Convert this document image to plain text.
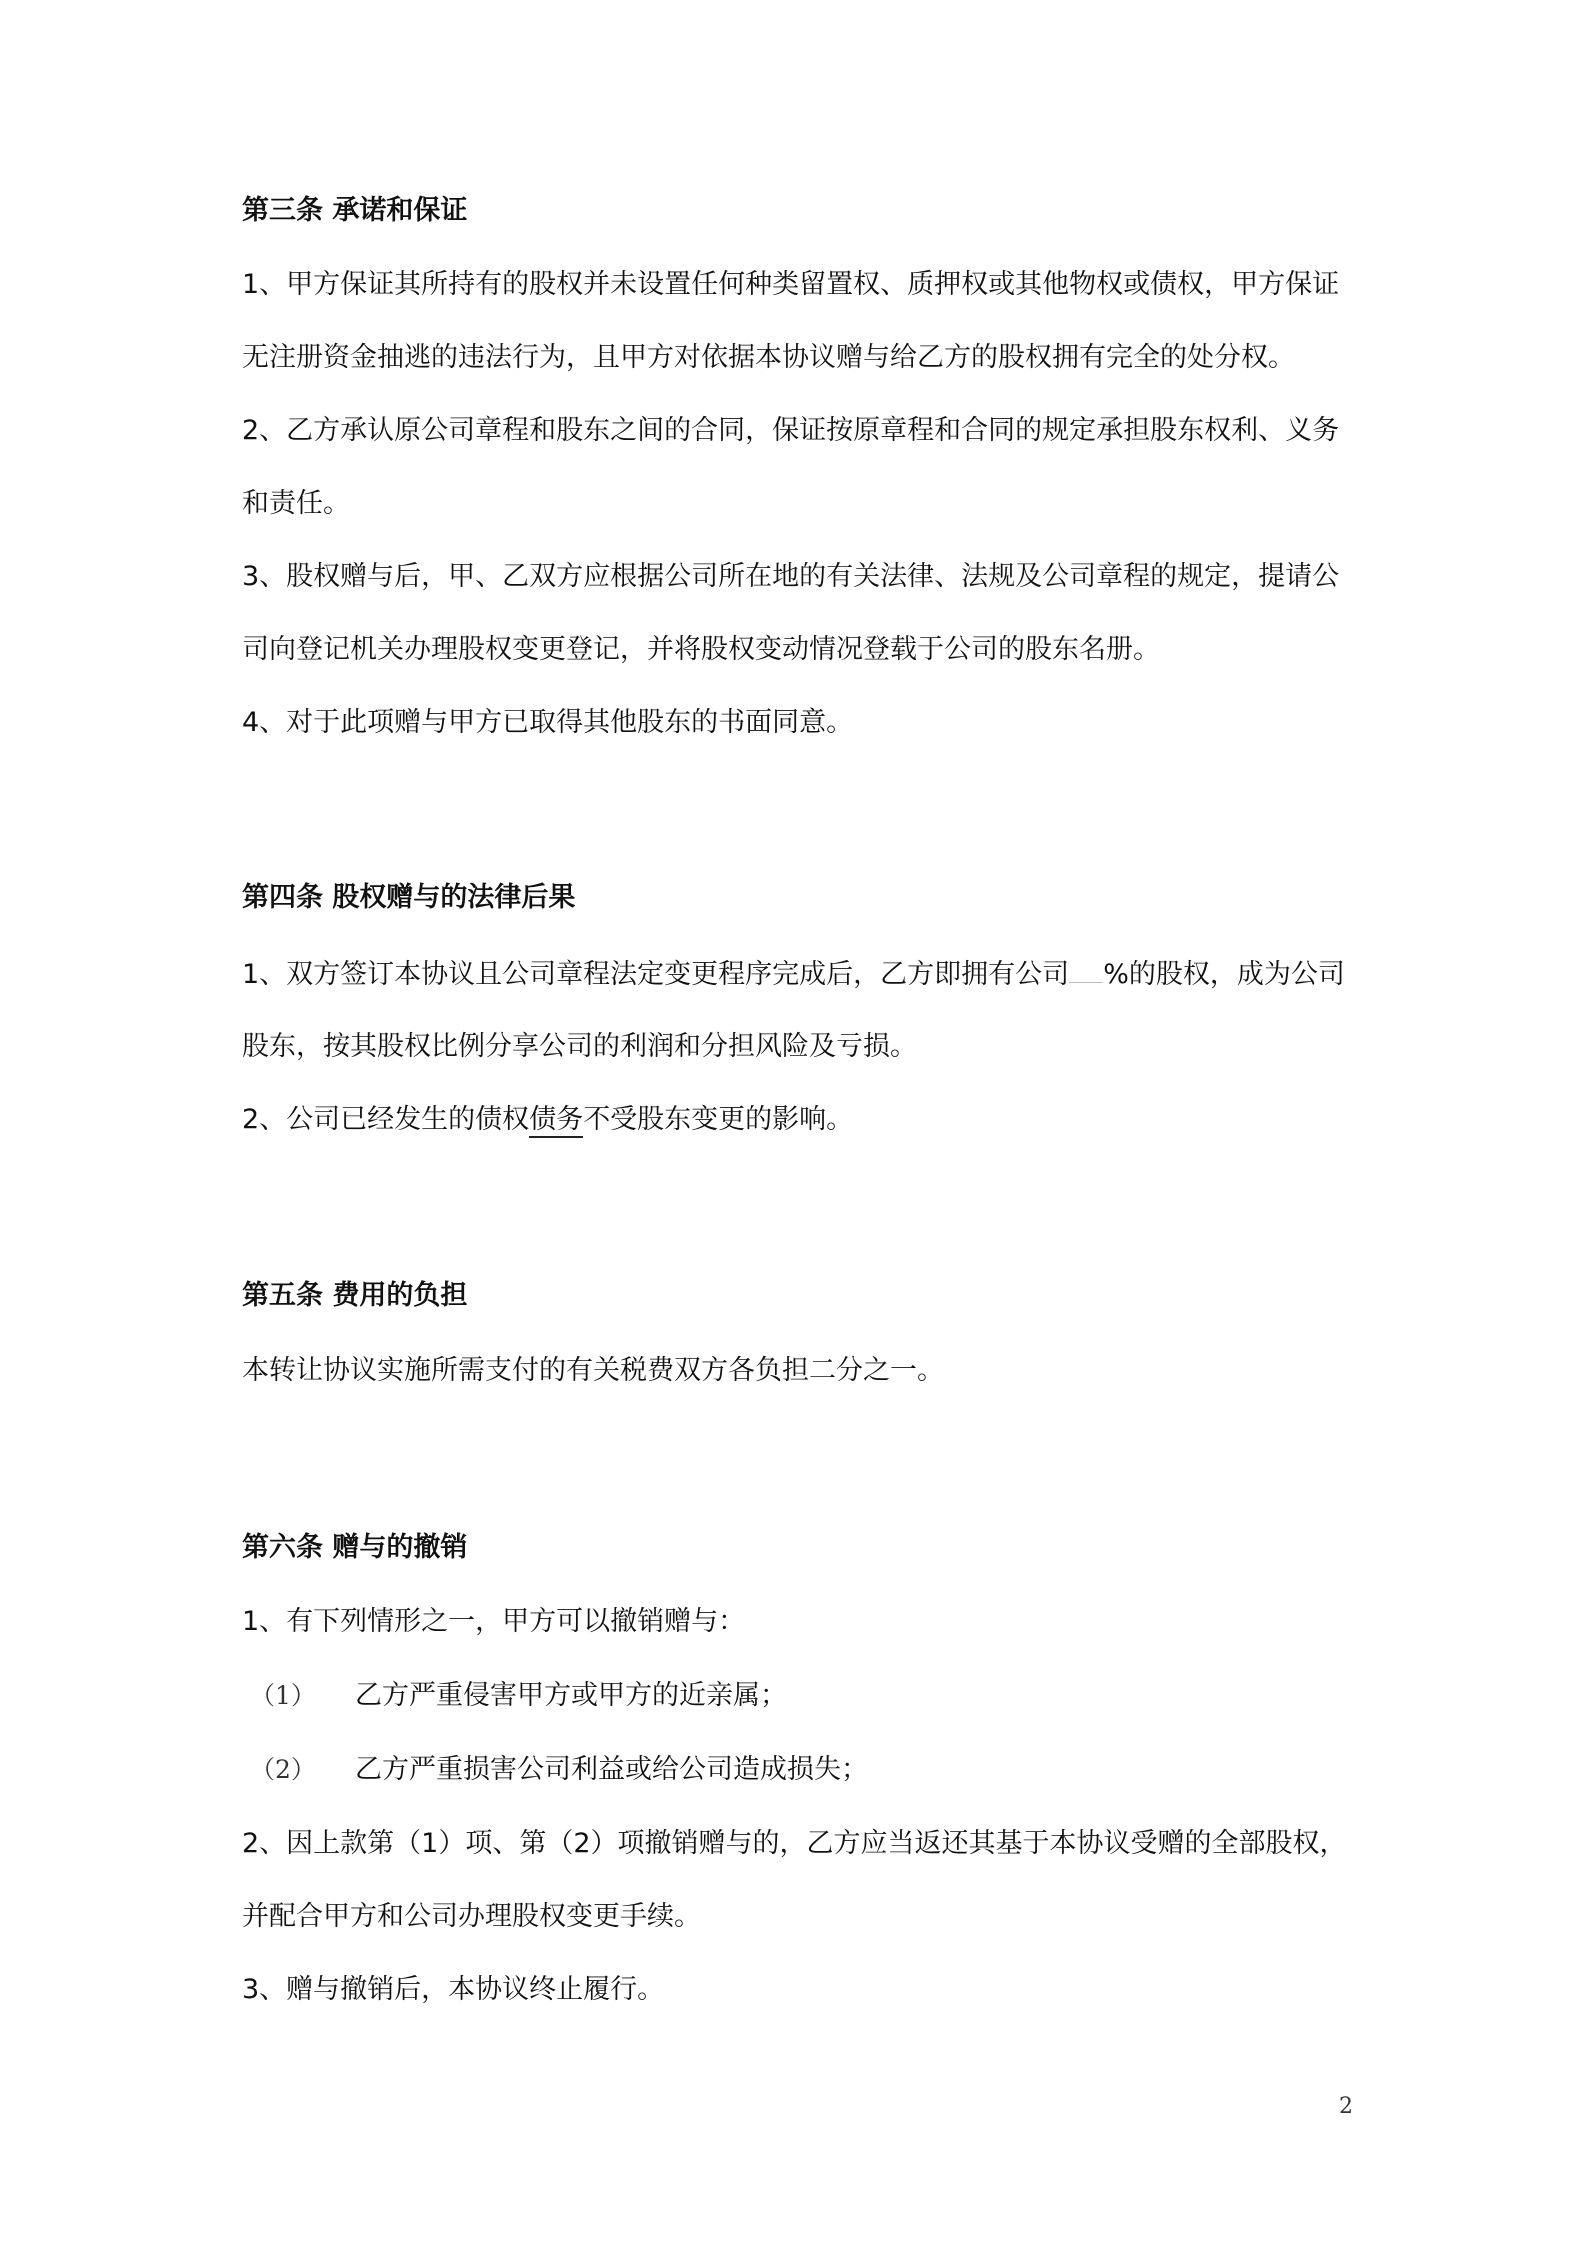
第三条 承诺和保证
1、甲方保证其所持有的股权并未设置任何种类留置权、质押权或其他物权或债权，甲方保证
无注册资金抽逃的违法行为，且甲方对依据本协议赠与给乙方的股权拥有完全的处分权。
2、乙方承认原公司章程和股东之间的合同，保证按原章程和合同的规定承担股东权利、义务
和责任。
3、股权赠与后，甲、乙双方应根据公司所在地的有关法律、法规及公司章程的规定，提请公
司向登记机关办理股权变更登记，并将股权变动情况登载于公司的股东名册。
4、对于此项赠与甲方已取得其他股东的书面同意。
第四条 股权赠与的法律后果
1、双方签订本协议且公司章程法定变更程序完成后，乙方即拥有公司 %的股权，成为公司
股东，按其股权比例分享公司的利润和分担风险及亏损。
2、公司已经发生的债权债务不受股东变更的影响。
第五条 费用的负担
本转让协议实施所需支付的有关税费双方各负担二分之一。
第六条 赠与的撤销
1、有下列情形之一，甲方可以撤销赠与：
（1） 乙方严重侵害甲方或甲方的近亲属；
（2） 乙方严重损害公司利益或给公司造成损失；
2、因上款第（1）项、第（2）项撤销赠与的，乙方应当返还其基于本协议受赠的全部股权，
并配合甲方和公司办理股权变更手续。
3、赠与撤销后，本协议终止履行。
2
